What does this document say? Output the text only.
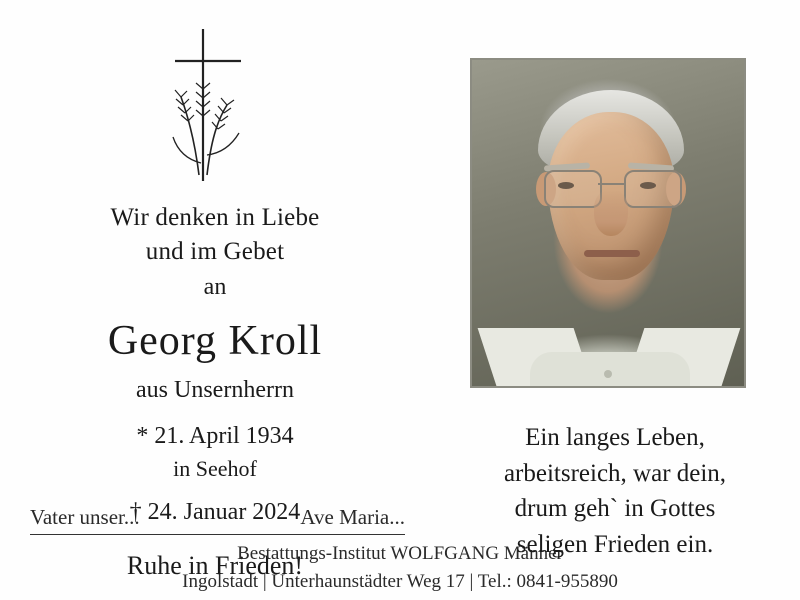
Wir denken in Liebe
und im Gebet
an
Georg Kroll
aus Unsernherrn
* 21. April 1934
in Seehof
† 24. Januar 2024
Ruhe in Frieden!
Vater unser...	Ave Maria...
Bestattungs-Institut WOLFGANG Männer
Ingolstadt | Unterhaunstädter Weg 17 | Tel.: 0841-955890
Ein langes Leben,
arbeitsreich, war dein,
drum geh` in Gottes
seligen Frieden ein.
